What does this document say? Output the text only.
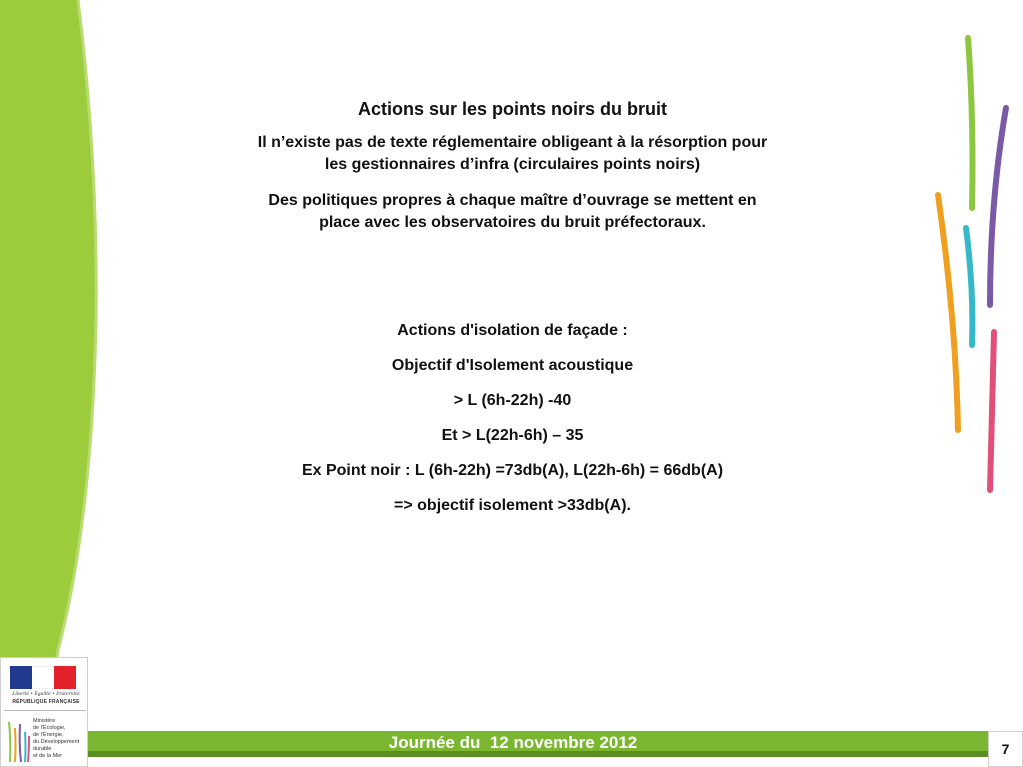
Actions sur les points noirs du bruit

Il n’existe pas de texte réglementaire obligeant à la résorption pour

les gestionnaires d’infra (circulaires points noirs)

Des politiques propres à chaque maître d’ouvrage se mettent en

place avec les observatoires du bruit préfectoraux.

Actions d'isolation de façade :

Objectif d'Isolement acoustique

> L (6h-22h) -40

Et > L(22h-6h) – 35

Ex Point noir : L (6h-22h) =73db(A), L(22h-6h) = 66db(A)

=> objectif isolement >33db(A).

Liberté • Égalité • Fraternité
RÉPUBLIQUE FRANÇAISE
Ministère
de l'Écologie,
de l'Énergie,
du Développement
durable
et de la Mer
Journée du  12 novembre 2012	7
